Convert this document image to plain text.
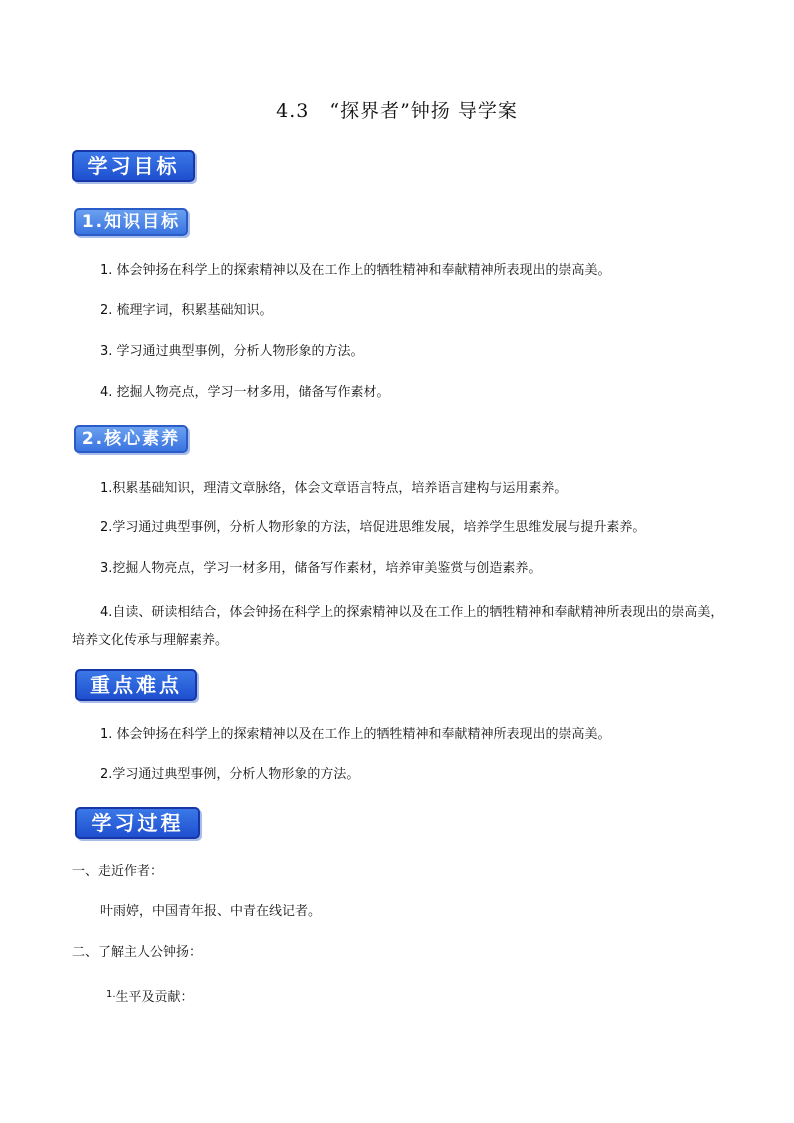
4.3　“探界者”钟扬 导学案
学习目标
1.知识目标
1. 体会钟扬在科学上的探索精神以及在工作上的牺牲精神和奉献精神所表现出的崇高美。
2. 梳理字词，积累基础知识。
3. 学习通过典型事例，分析人物形象的方法。
4. 挖掘人物亮点，学习一材多用，储备写作素材。
2.核心素养
1.积累基础知识，理清文章脉络，体会文章语言特点，培养语言建构与运用素养。
2.学习通过典型事例，分析人物形象的方法，培促进思维发展，培养学生思维发展与提升素养。
3.挖掘人物亮点，学习一材多用，储备写作素材，培养审美鉴赏与创造素养。
4.自读、研读相结合，体会钟扬在科学上的探索精神以及在工作上的牺牲精神和奉献精神所表现出的崇高美，培养文化传承与理解素养。
重点难点
1. 体会钟扬在科学上的探索精神以及在工作上的牺牲精神和奉献精神所表现出的崇高美。
2.学习通过典型事例，分析人物形象的方法。
学习过程
一、走近作者：
叶雨婷，中国青年报、中青在线记者。
二、了解主人公钟扬：
$^{1.}$生平及贡献：
